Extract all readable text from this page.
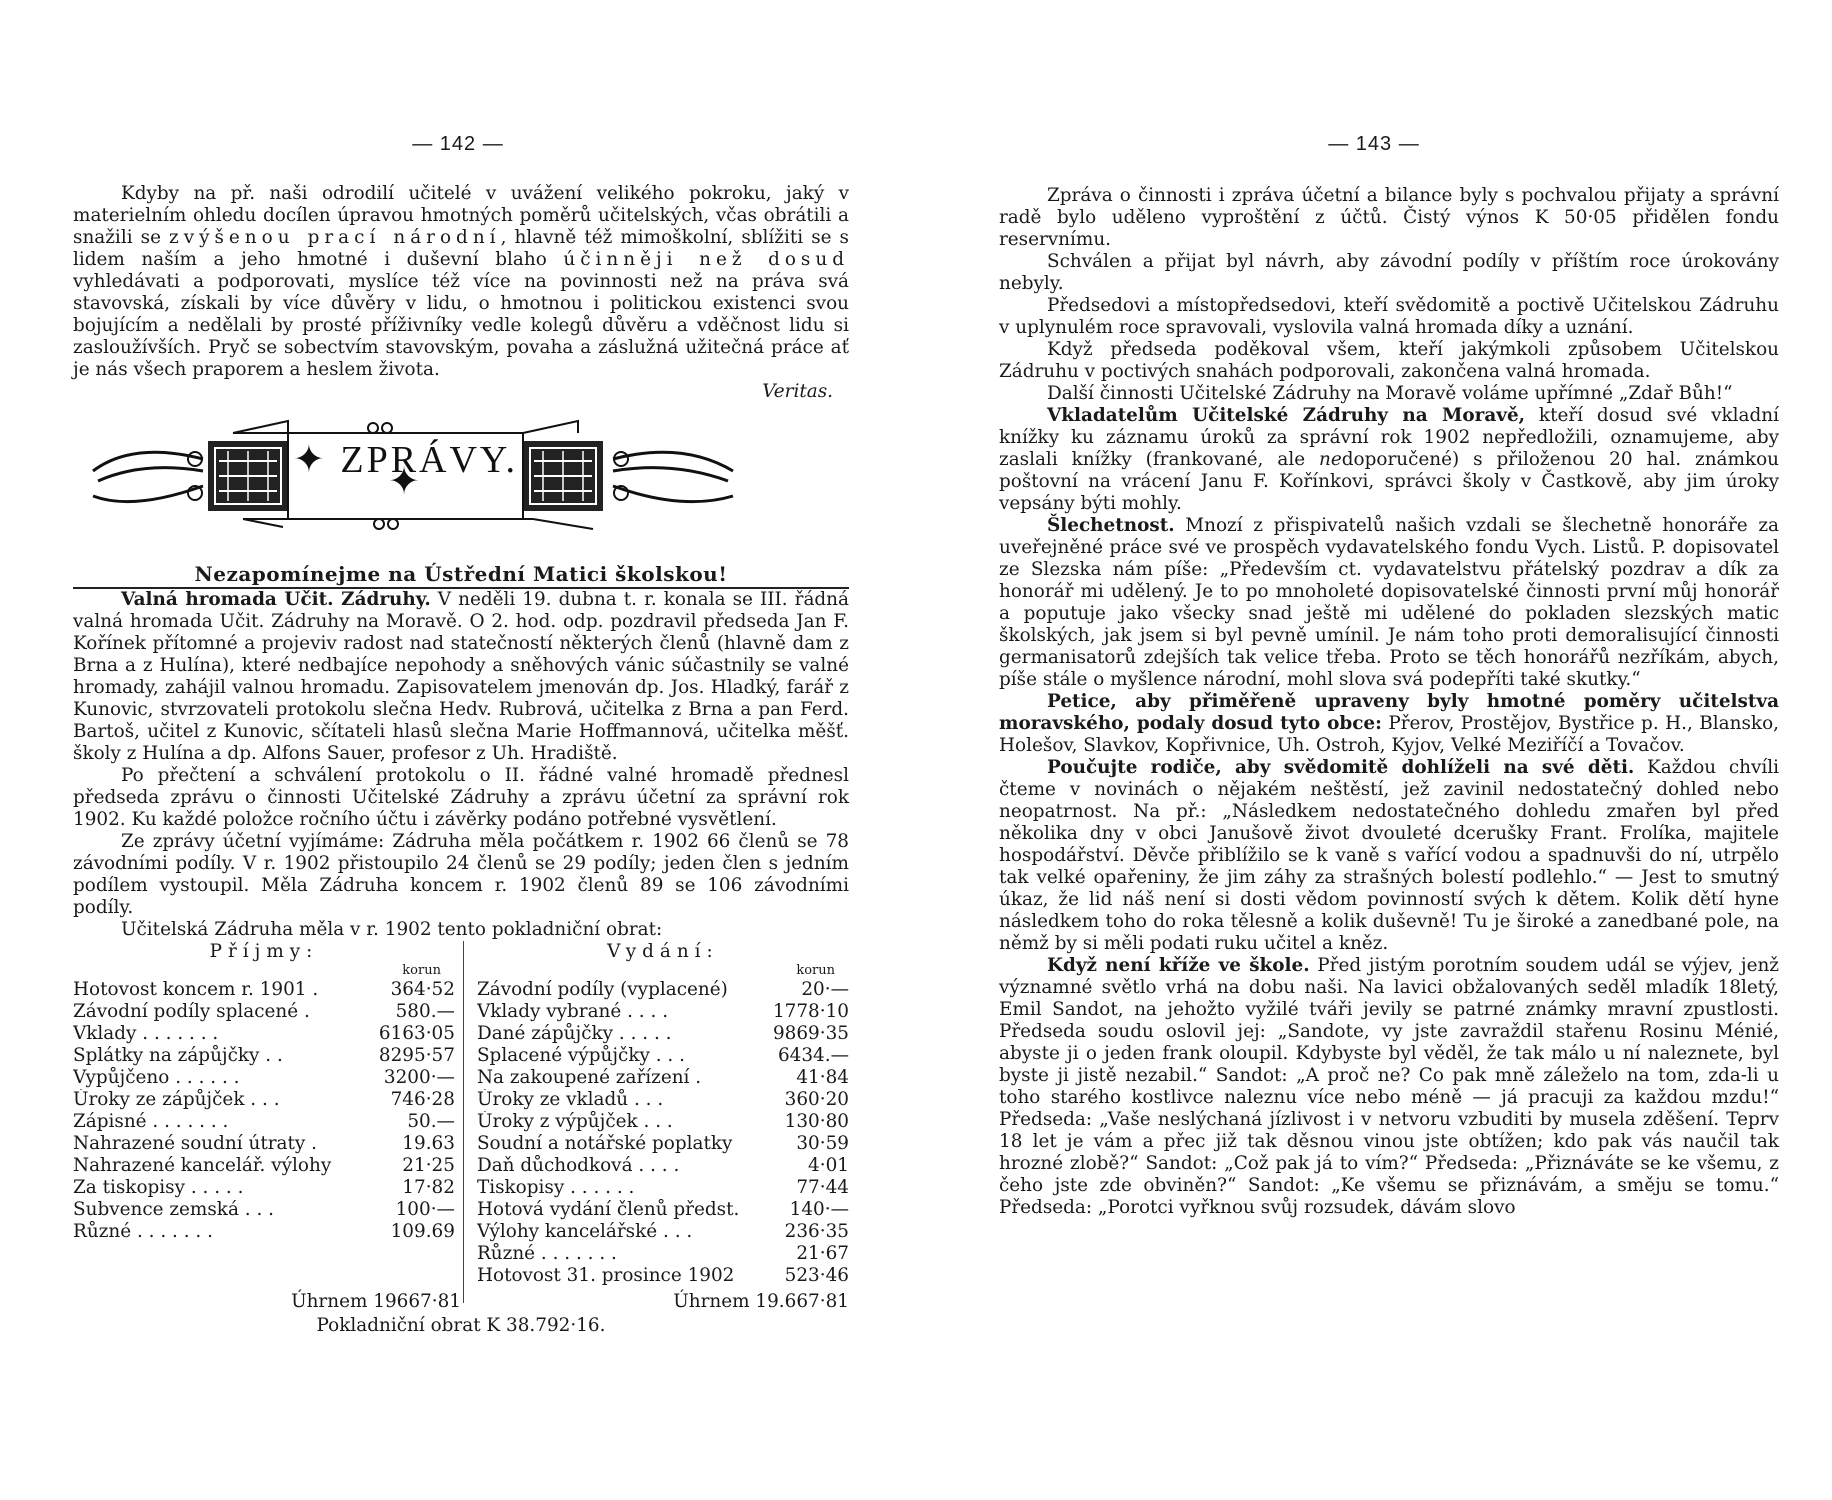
— 142 —

Kdyby na př. naši odrodilí učitelé v uvážení velikého pokroku, jaký v materielním ohledu docílen úpravou hmotných poměrů učitelských, včas obrátili a snažili se zvýšenou prací národní, hlavně též mimoškolní, sblížiti se s lidem naším a jeho hmotné i duševní blaho účinněji než dosud vyhledávati a podporovati, myslíce též více na povinnosti než na práva svá stavovská, získali by více důvěry v lidu, o hmotnou i politickou existenci svou bojujícím a nedělali by prosté příživníky vedle kolegů důvěru a vděčnost lidu si zasloužívších. Pryč se sobectvím stavovským, povaha a záslužná užitečná práce ať je nás všech praporem a heslem života.

Veritas.
✦ ZPRÁVY. ✦
Nezapomínejme na Ústřední Matici školskou!

Valná hromada Učit. Zádruhy. V neděli 19. dubna t. r. konala se III. řádná valná hromada Učit. Zádruhy na Moravě. O 2. hod. odp. pozdravil předseda Jan F. Kořínek přítomné a projeviv radost nad statečností některých členů (hlavně dam z Brna a z Hulína), které nedbajíce nepohody a sněhových vánic súčastnily se valné hromady, zahájil valnou hromadu. Zapisovatelem jmenován dp. Jos. Hladký, farář z Kunovic, stvrzovateli protokolu slečna Hedv. Rubrová, učitelka z Brna a pan Ferd. Bartoš, učitel z Kunovic, sčítateli hlasů slečna Marie Hoffmannová, učitelka měšť. školy z Hulína a dp. Alfons Sauer, profesor z Uh. Hradiště.

Po přečtení a schválení protokolu o II. řádné valné hromadě přednesl předseda zprávu o činnosti Učitelské Zádruhy a zprávu účetní za správní rok 1902. Ku každé položce ročního účtu i závěrky podáno potřebné vysvětlení.

Ze zprávy účetní vyjímáme: Zádruha měla počátkem r. 1902 66 členů se 78 závodními podíly. V r. 1902 přistoupilo 24 členů se 29 podíly; jeden člen s jedním podílem vystoupil. Měla Zádruha koncem r. 1902 členů 89 se 106 závodními podíly.

Učitelská Zádruha měla v r. 1902 tento pokladniční obrat:

Příjmy:
korun
Hotovost koncem r. 1901 .	364·52
Závodní podíly splacené .	580.—
Vklady . . . . . . .	6163·05
Splátky na zápůjčky . .	8295·57
Vypůjčeno . . . . . .	3200·—
Úroky ze zápůjček . . .	746·28
Zápisné . . . . . . .	50.—
Nahrazené soudní útraty .	19.63
Nahrazené kancelář. výlohy	21·25
Za tiskopisy . . . . .	17·82
Subvence zemská . . .	100·—
Různé . . . . . . .	109.69
Vydání:
korun
Závodní podíly (vyplacené)	20·—
Vklady vybrané . . . .	1778·10
Dané zápůjčky . . . . .	9869·35
Splacené výpůjčky . . .	6434.—
Na zakoupené zařízení .	41·84
Úroky ze vkladů . . .	360·20
Úroky z výpůjček . . .	130·80
Soudní a notářské poplatky	30·59
Daň důchodková . . . .	4·01
Tiskopisy . . . . . .	77·44
Hotová vydání členů předst.	140·—
Výlohy kancelářské . . .	236·35
Různé . . . . . . .	21·67
Hotovost 31. prosince 1902	523·46
Úhrnem 19667·81	Úhrnem 19.667·81
Pokladniční obrat K 38.792·16.
— 143 —

Zpráva o činnosti i zpráva účetní a bilance byly s pochvalou přijaty a správní radě bylo uděleno vyproštění z účtů. Čistý výnos K 50·05 přidělen fondu reservnímu.

Schválen a přijat byl návrh, aby závodní podíly v příštím roce úrokovány nebyly.

Předsedovi a místopředsedovi, kteří svědomitě a poctivě Učitelskou Zádruhu v uplynulém roce spravovali, vyslovila valná hromada díky a uznání.

Když předseda poděkoval všem, kteří jakýmkoli způsobem Učitelskou Zádruhu v poctivých snahách podporovali, zakončena valná hromada.

Další činnosti Učitelské Zádruhy na Moravě voláme upřímné „Zdař Bůh!“

Vkladatelům Učitelské Zádruhy na Moravě, kteří dosud své vkladní knížky ku záznamu úroků za správní rok 1902 nepředložili, oznamujeme, aby zaslali knížky (frankované, ale nedoporučené) s přiloženou 20 hal. známkou poštovní na vrácení Janu F. Kořínkovi, správci školy v Častkově, aby jim úroky vepsány býti mohly.

Šlechetnost. Mnozí z přispivatelů našich vzdali se šlechetně honoráře za uveřejněné práce své ve prospěch vydavatelského fondu Vych. Listů. P. dopisovatel ze Slezska nám píše: „Především ct. vydavatelstvu přátelský pozdrav a dík za honorář mi udělený. Je to po mnoholeté dopisovatelské činnosti první můj honorář a poputuje jako všecky snad ještě mi udělené do pokladen slezských matic školských, jak jsem si byl pevně umínil. Je nám toho proti demoralisující činnosti germanisatorů zdejších tak velice třeba. Proto se těch honorářů nezříkám, abych, píše stále o myšlence národní, mohl slova svá podepříti také skutky.“

Petice, aby přiměřeně upraveny byly hmotné poměry učitelstva moravského, podaly dosud tyto obce: Přerov, Prostějov, Bystřice p. H., Blansko, Holešov, Slavkov, Kopřivnice, Uh. Ostroh, Kyjov, Velké Meziříčí a Tovačov.

Poučujte rodiče, aby svědomitě dohlíželi na své děti. Každou chvíli čteme v novinách o nějakém neštěstí, jež zavinil nedostatečný dohled nebo neopatrnost. Na př.: „Následkem nedostatečného dohledu zmařen byl před několika dny v obci Janušově život dvouleté dcerušky Frant. Frolíka, majitele hospodářství. Děvče přiblížilo se k vaně s vařící vodou a spadnuvši do ní, utrpělo tak velké opařeniny, že jim záhy za strašných bolestí podlehlo.“ — Jest to smutný úkaz, že lid náš není si dosti vědom povinností svých k dětem. Kolik dětí hyne následkem toho do roka tělesně a kolik duševně! Tu je široké a zanedbané pole, na němž by si měli podati ruku učitel a kněz.

Když není kříže ve škole. Před jistým porotním soudem udál se výjev, jenž významné světlo vrhá na dobu naši. Na lavici obžalovaných seděl mladík 18letý, Emil Sandot, na jehožto vyžilé tváři jevily se patrné známky mravní zpustlosti. Předseda soudu oslovil jej: „Sandote, vy jste zavraždil stařenu Rosinu Ménié, abyste ji o jeden frank oloupil. Kdybyste byl věděl, že tak málo u ní naleznete, byl byste ji jistě nezabil.“ Sandot: „A proč ne? Co pak mně záleželo na tom, zda-li u toho starého kostlivce naleznu více nebo méně — já pracuji za každou mzdu!“ Předseda: „Vaše neslýchaná jízlivost i v netvoru vzbuditi by musela zděšení. Teprv 18 let je vám a přec již tak děsnou vinou jste obtížen; kdo pak vás naučil tak hrozné zlobě?“ Sandot: „Což pak já to vím?“ Předseda: „Přiznáváte se ke všemu, z čeho jste zde obviněn?“ Sandot: „Ke všemu se přiznávám, a směju se tomu.“ Předseda: „Porotci vyřknou svůj rozsudek, dávám slovo
